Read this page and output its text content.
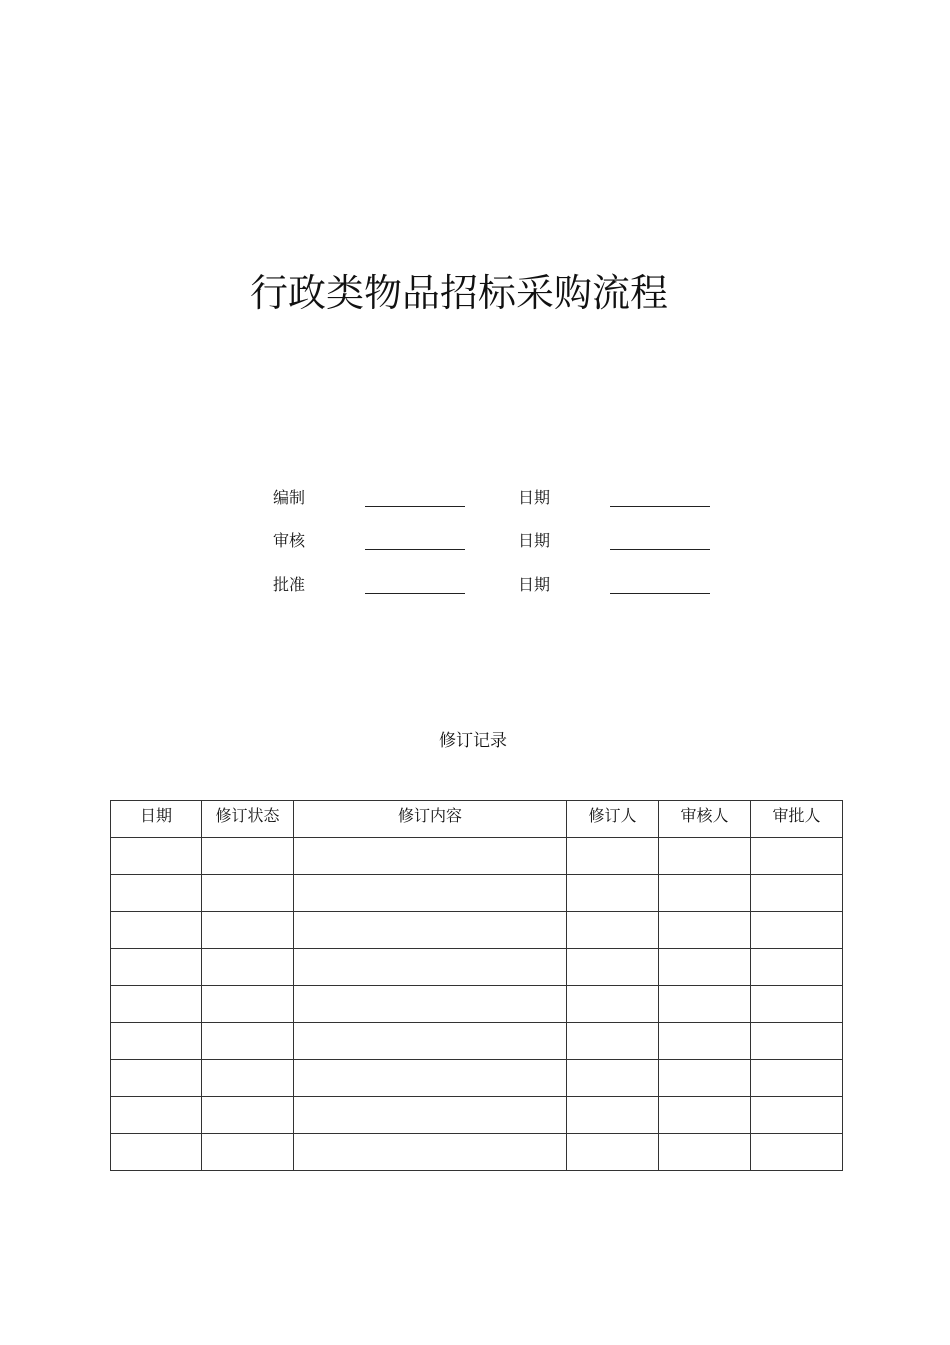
行政类物品招标采购流程
编制	日期
审核	日期
批准	日期
修订记录
日期	修订状态	修订内容	修订人	审核人	审批人
